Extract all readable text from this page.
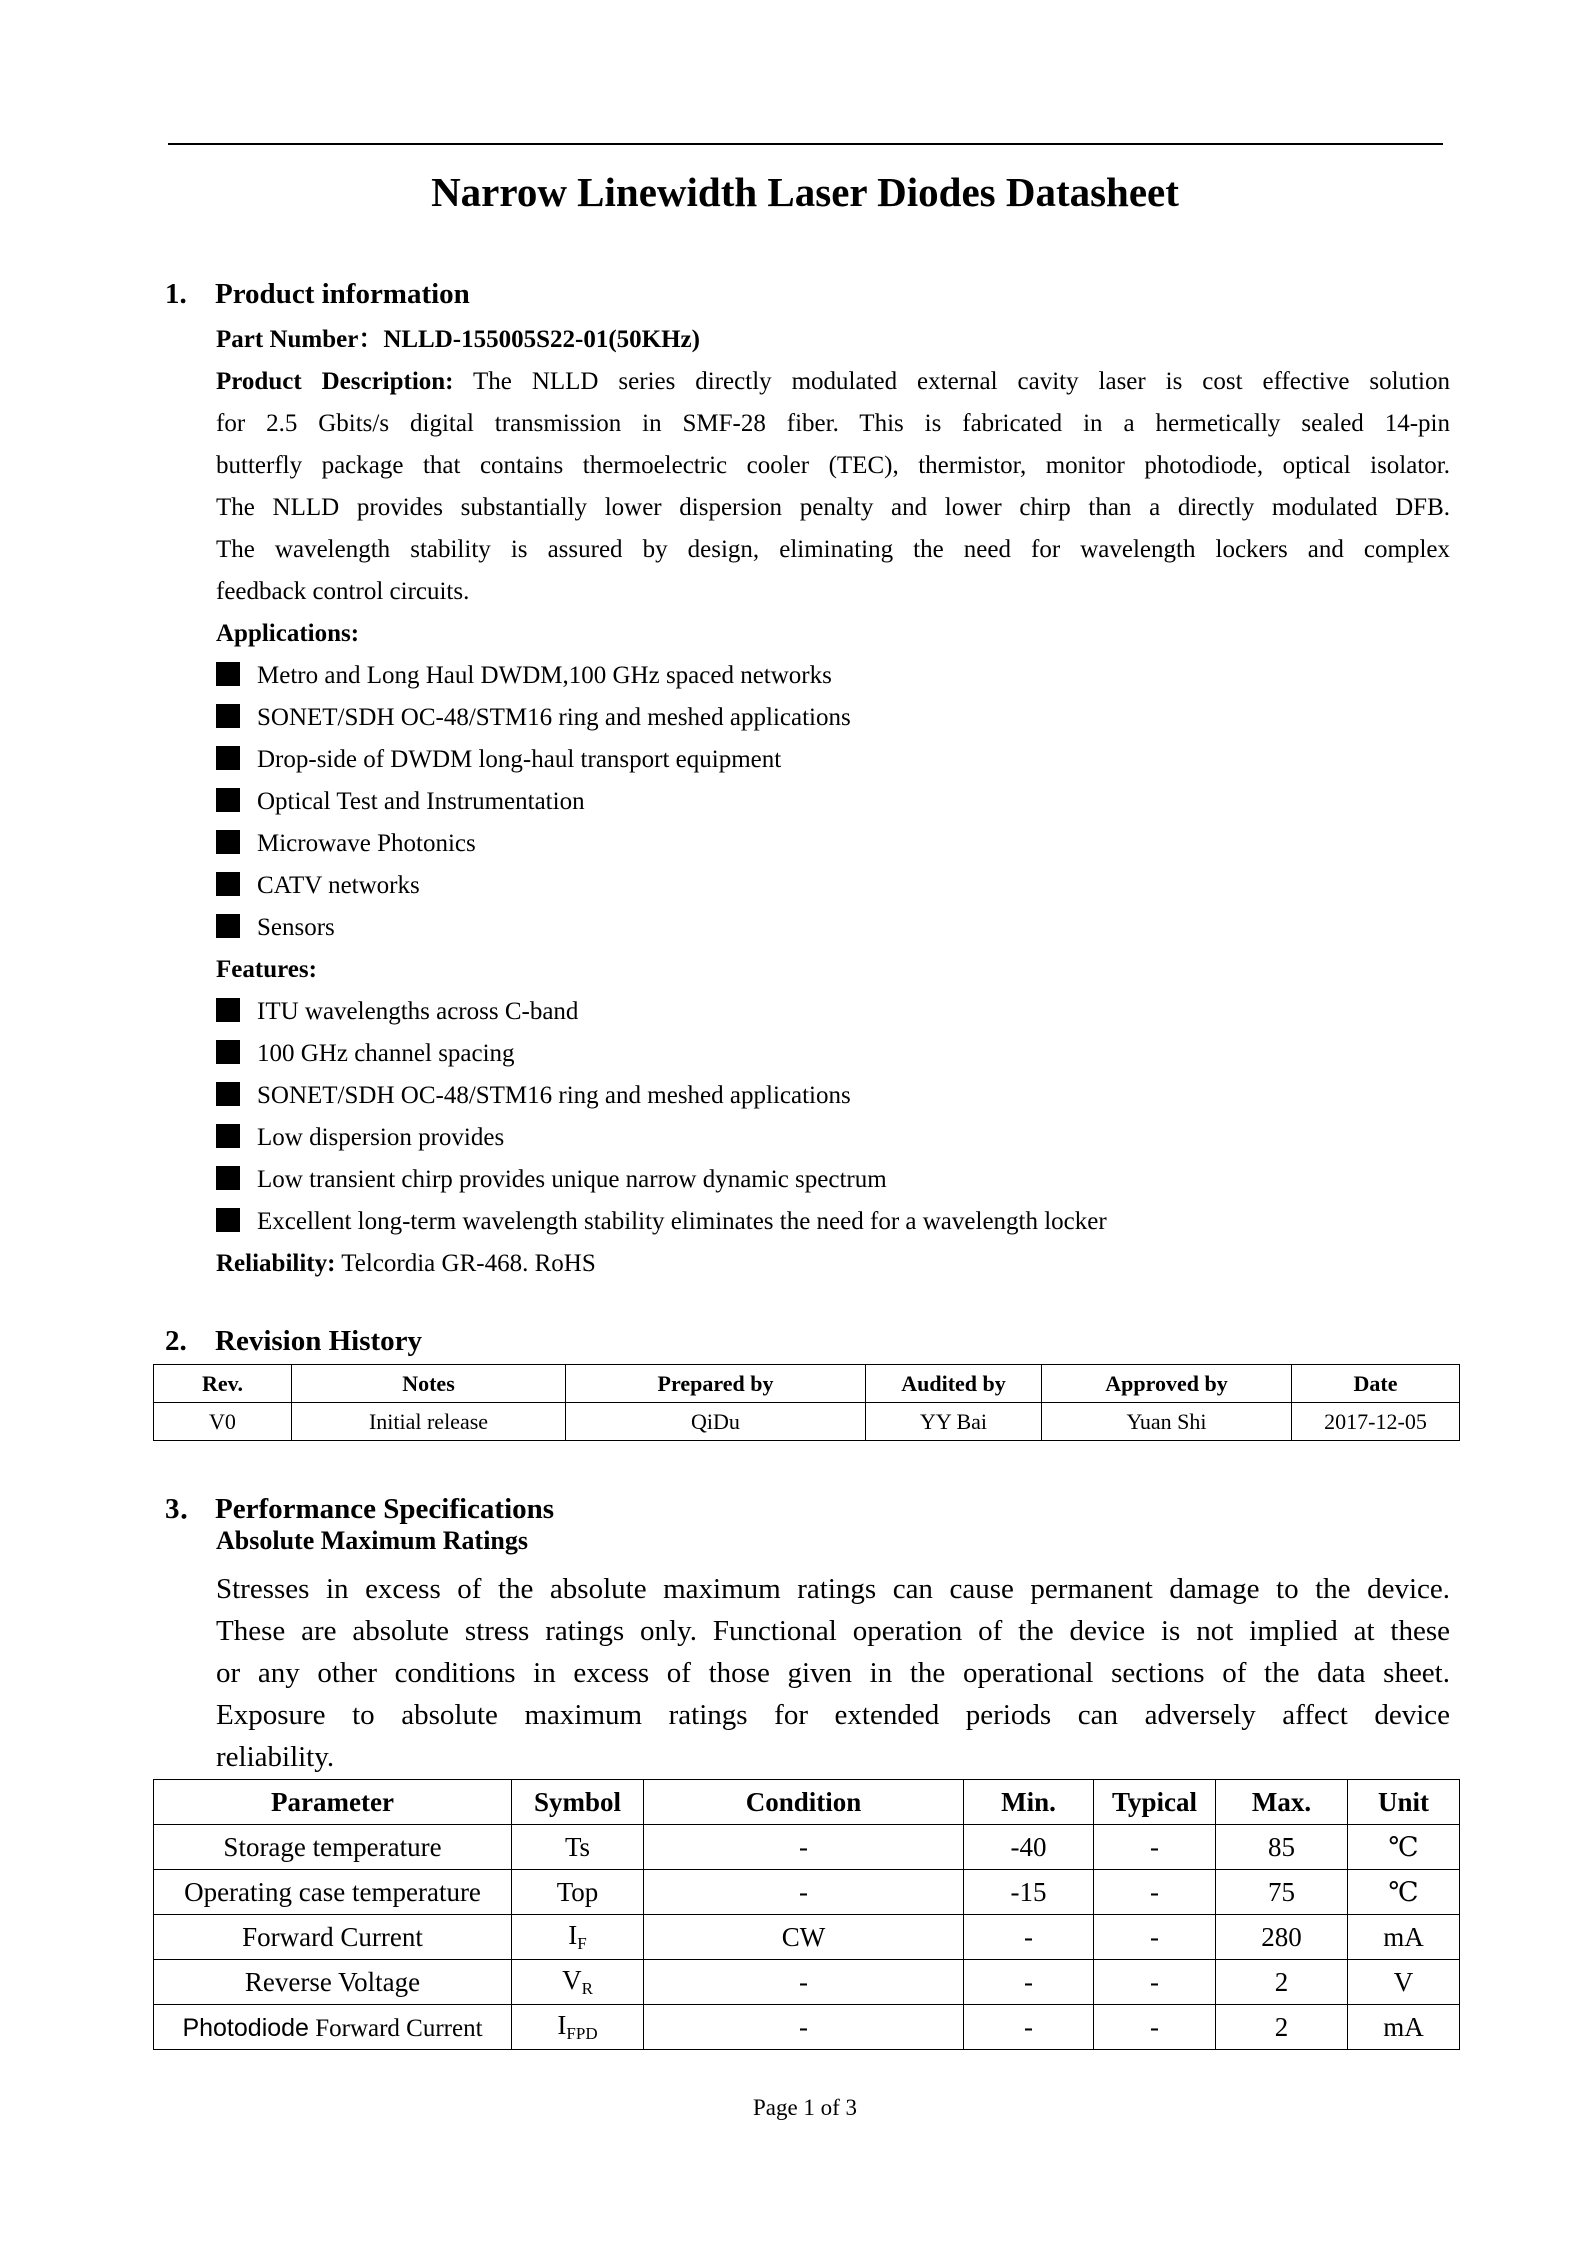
Narrow Linewidth Laser Diodes Datasheet
1. Product information
Part Number：NLLD-155005S22-01(50KHz)
Product Description: The NLLD series directly modulated external cavity laser is cost effective solution
for 2.5 Gbits/s digital transmission in SMF-28 fiber. This is fabricated in a hermetically sealed 14-pin
butterfly package that contains thermoelectric cooler (TEC), thermistor, monitor photodiode, optical isolator.
The NLLD provides substantially lower dispersion penalty and lower chirp than a directly modulated DFB.
The wavelength stability is assured by design, eliminating the need for wavelength lockers and complex
feedback control circuits.
Applications:
Metro and Long Haul DWDM,100 GHz spaced networks
SONET/SDH OC-48/STM16 ring and meshed applications
Drop-side of DWDM long-haul transport equipment
Optical Test and Instrumentation
Microwave Photonics
CATV networks
Sensors
Features:
ITU wavelengths across C-band
100 GHz channel spacing
SONET/SDH OC-48/STM16 ring and meshed applications
Low dispersion provides
Low transient chirp provides unique narrow dynamic spectrum
Excellent long-term wavelength stability eliminates the need for a wavelength locker
Reliability: Telcordia GR-468. RoHS
2. Revision History
Rev.	Notes	Prepared by	Audited by	Approved by	Date
V0	Initial release	QiDu	YY Bai	Yuan Shi	2017-12-05
3． Performance Specifications
Absolute Maximum Ratings
Stresses in excess of the absolute maximum ratings can cause permanent damage to the device.
These are absolute stress ratings only. Functional operation of the device is not implied at these
or any other conditions in excess of those given in the operational sections of the data sheet.
Exposure to absolute maximum ratings for extended periods can adversely affect device
reliability.
Parameter	Symbol	Condition	Min.	Typical	Max.	Unit
Storage temperature	Ts	-	-40	-	85	℃
Operating case temperature	Top	-	-15	-	75	℃
Forward Current	$I_F$	CW	-	-	280	mA
Reverse Voltage	$V_R$	-	-	-	2	V
Photodiode Forward Current	$I_{FPD}$	-	-	-	2	mA
Page 1 of 3
